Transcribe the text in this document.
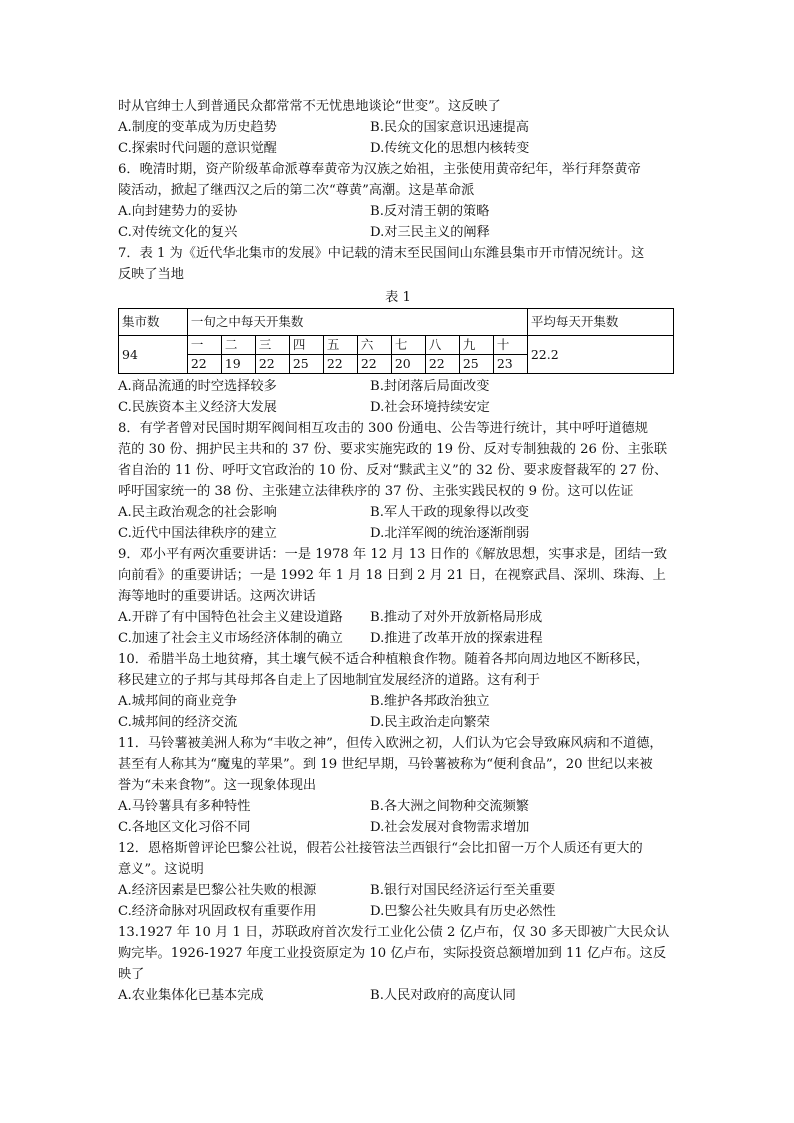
时从官绅士人到普通民众都常常不无忧患地谈论“世变”。这反映了
A.制度的变革成为历史趋势	B.民众的国家意识迅速提高
C.探索时代问题的意识觉醒	D.传统文化的思想内核转变
6．晚清时期，资产阶级革命派尊奉黄帝为汉族之始祖，主张使用黄帝纪年，举行拜祭黄帝
陵活动，掀起了继西汉之后的第二次“尊黄”高潮。这是革命派
A.向封建势力的妥协	B.反对清王朝的策略
C.对传统文化的复兴	D.对三民主义的阐释
7．表 1 为《近代华北集市的发展》中记载的清末至民国间山东潍县集市开市情况统计。这
反映了当地
表 1
集市数	一旬之中每天开集数										平均每天开集数
94	一	二	三	四	五	六	七	八	九	十	22.2
	22	19	22	25	22	22	20	22	25	23	
A.商品流通的时空选择较多	B.封闭落后局面改变
C.民族资本主义经济大发展	D.社会环境持续安定
8．有学者曾对民国时期军阀间相互攻击的 300 份通电、公告等进行统计，其中呼吁道德规
范的 30 份、拥护民主共和的 37 份、要求实施宪政的 19 份、反对专制独裁的 26 份、主张联
省自治的 11 份、呼吁文官政治的 10 份、反对“黩武主义”的 32 份、要求废督裁军的 27 份、
呼吁国家统一的 38 份、主张建立法律秩序的 37 份、主张实践民权的 9 份。这可以佐证
A.民主政治观念的社会影响	B.军人干政的现象得以改变
C.近代中国法律秩序的建立	D.北洋军阀的统治逐渐削弱
9．邓小平有两次重要讲话：一是 1978 年 12 月 13 日作的《解放思想，实事求是，团结一致
向前看》的重要讲话；一是 1992 年 1 月 18 日到 2 月 21 日，在视察武昌、深圳、珠海、上
海等地时的重要讲话。这两次讲话
A.开辟了有中国特色社会主义建设道路	B.推动了对外开放新格局形成
C.加速了社会主义市场经济体制的确立	D.推进了改革开放的探索进程
10．希腊半岛土地贫瘠，其土壤气候不适合种植粮食作物。随着各邦向周边地区不断移民，
移民建立的子邦与其母邦各自走上了因地制宜发展经济的道路。这有利于
A.城邦间的商业竞争	B.维护各邦政治独立
C.城邦间的经济交流	D.民主政治走向繁荣
11．马铃薯被美洲人称为“丰收之神”，但传入欧洲之初，人们认为它会导致麻风病和不道德，
甚至有人称其为“魔鬼的苹果”。到 19 世纪早期，马铃薯被称为“便利食品”，20 世纪以来被
誉为“未来食物”。这一现象体现出
A.马铃薯具有多种特性	B.各大洲之间物种交流频繁
C.各地区文化习俗不同	D.社会发展对食物需求增加
12．恩格斯曾评论巴黎公社说，假若公社接管法兰西银行“会比扣留一万个人质还有更大的
意义”。这说明
A.经济因素是巴黎公社失败的根源	B.银行对国民经济运行至关重要
C.经济命脉对巩固政权有重要作用	D.巴黎公社失败具有历史必然性
13.1927 年 10 月 1 日，苏联政府首次发行工业化公债 2 亿卢布，仅 30 多天即被广大民众认
购完毕。1926-1927 年度工业投资原定为 10 亿卢布，实际投资总额增加到 11 亿卢布。这反
映了
A.农业集体化已基本完成	B.人民对政府的高度认同
